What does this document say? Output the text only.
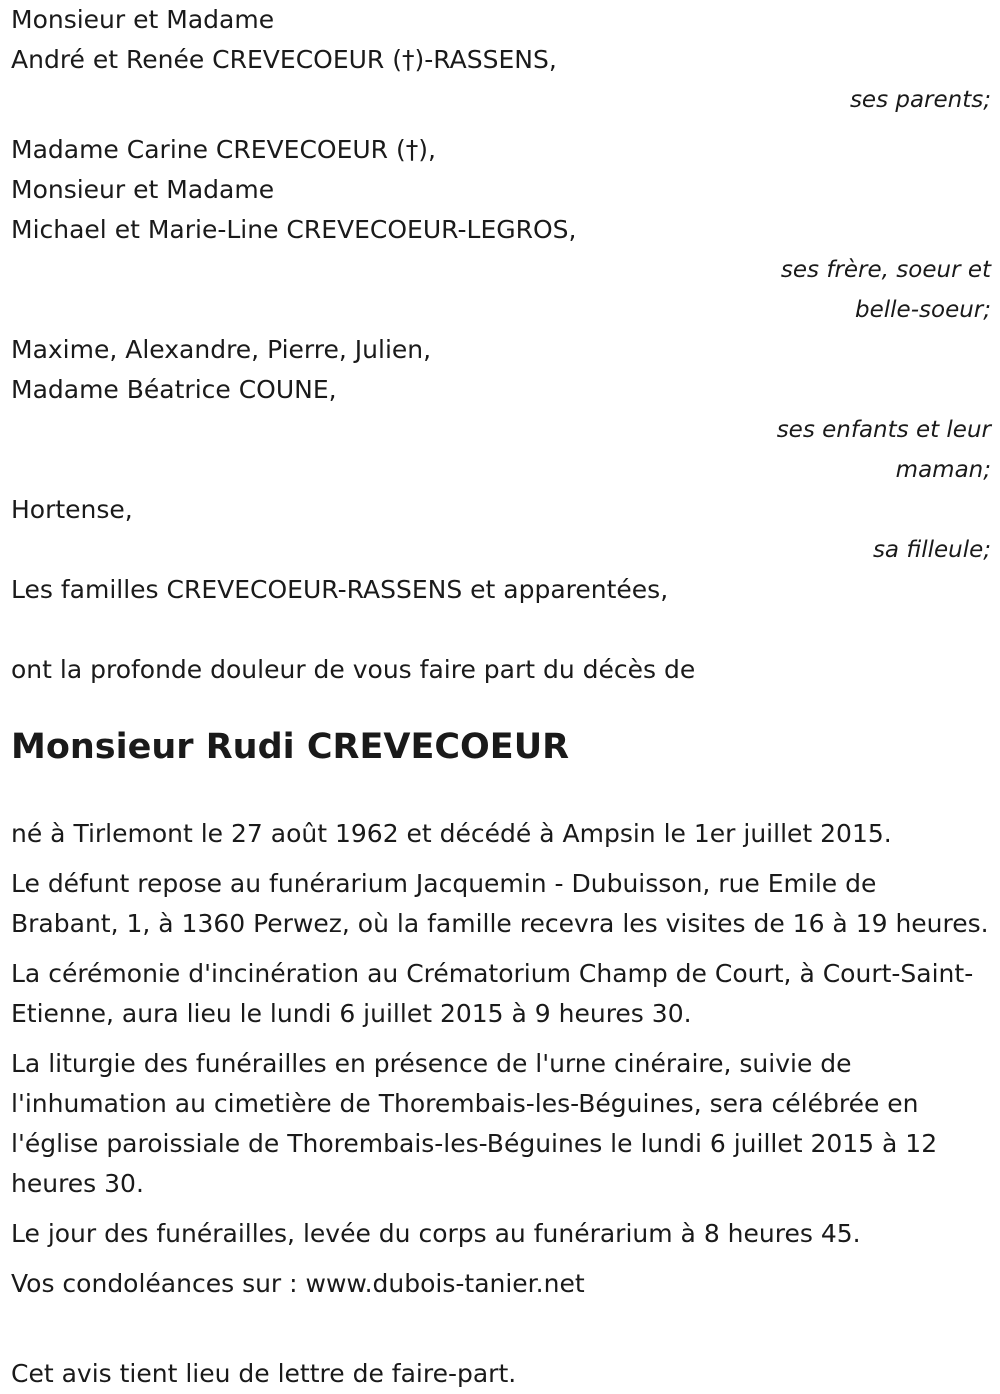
Monsieur et Madame
André et Renée CREVECOEUR (†)-RASSENS,
ses parents;
Madame Carine CREVECOEUR (†),
Monsieur et Madame
Michael et Marie-Line CREVECOEUR-LEGROS,
ses frère, soeur et
belle-soeur;
Maxime, Alexandre, Pierre, Julien,
Madame Béatrice COUNE,
ses enfants et leur
maman;
Hortense,
sa filleule;
Les familles CREVECOEUR-RASSENS et apparentées,
ont la profonde douleur de vous faire part du décès de
Monsieur Rudi CREVECOEUR
né à Tirlemont le 27 août 1962 et décédé à Ampsin le 1er juillet 2015.
Le défunt repose au funérarium Jacquemin - Dubuisson, rue Emile de Brabant, 1, à 1360 Perwez, où la famille recevra les visites de 16 à 19 heures.
La cérémonie d'incinération au Crématorium Champ de Court, à Court-Saint-Etienne, aura lieu le lundi 6 juillet 2015 à 9 heures 30.
La liturgie des funérailles en présence de l'urne cinéraire, suivie de l'inhumation au cimetière de Thorembais-les-Béguines, sera célébrée en l'église paroissiale de Thorembais-les-Béguines le lundi 6 juillet 2015 à 12 heures 30.
Le jour des funérailles, levée du corps au funérarium à 8 heures 45.
Vos condoléances sur : www.dubois-tanier.net
Cet avis tient lieu de lettre de faire-part.
